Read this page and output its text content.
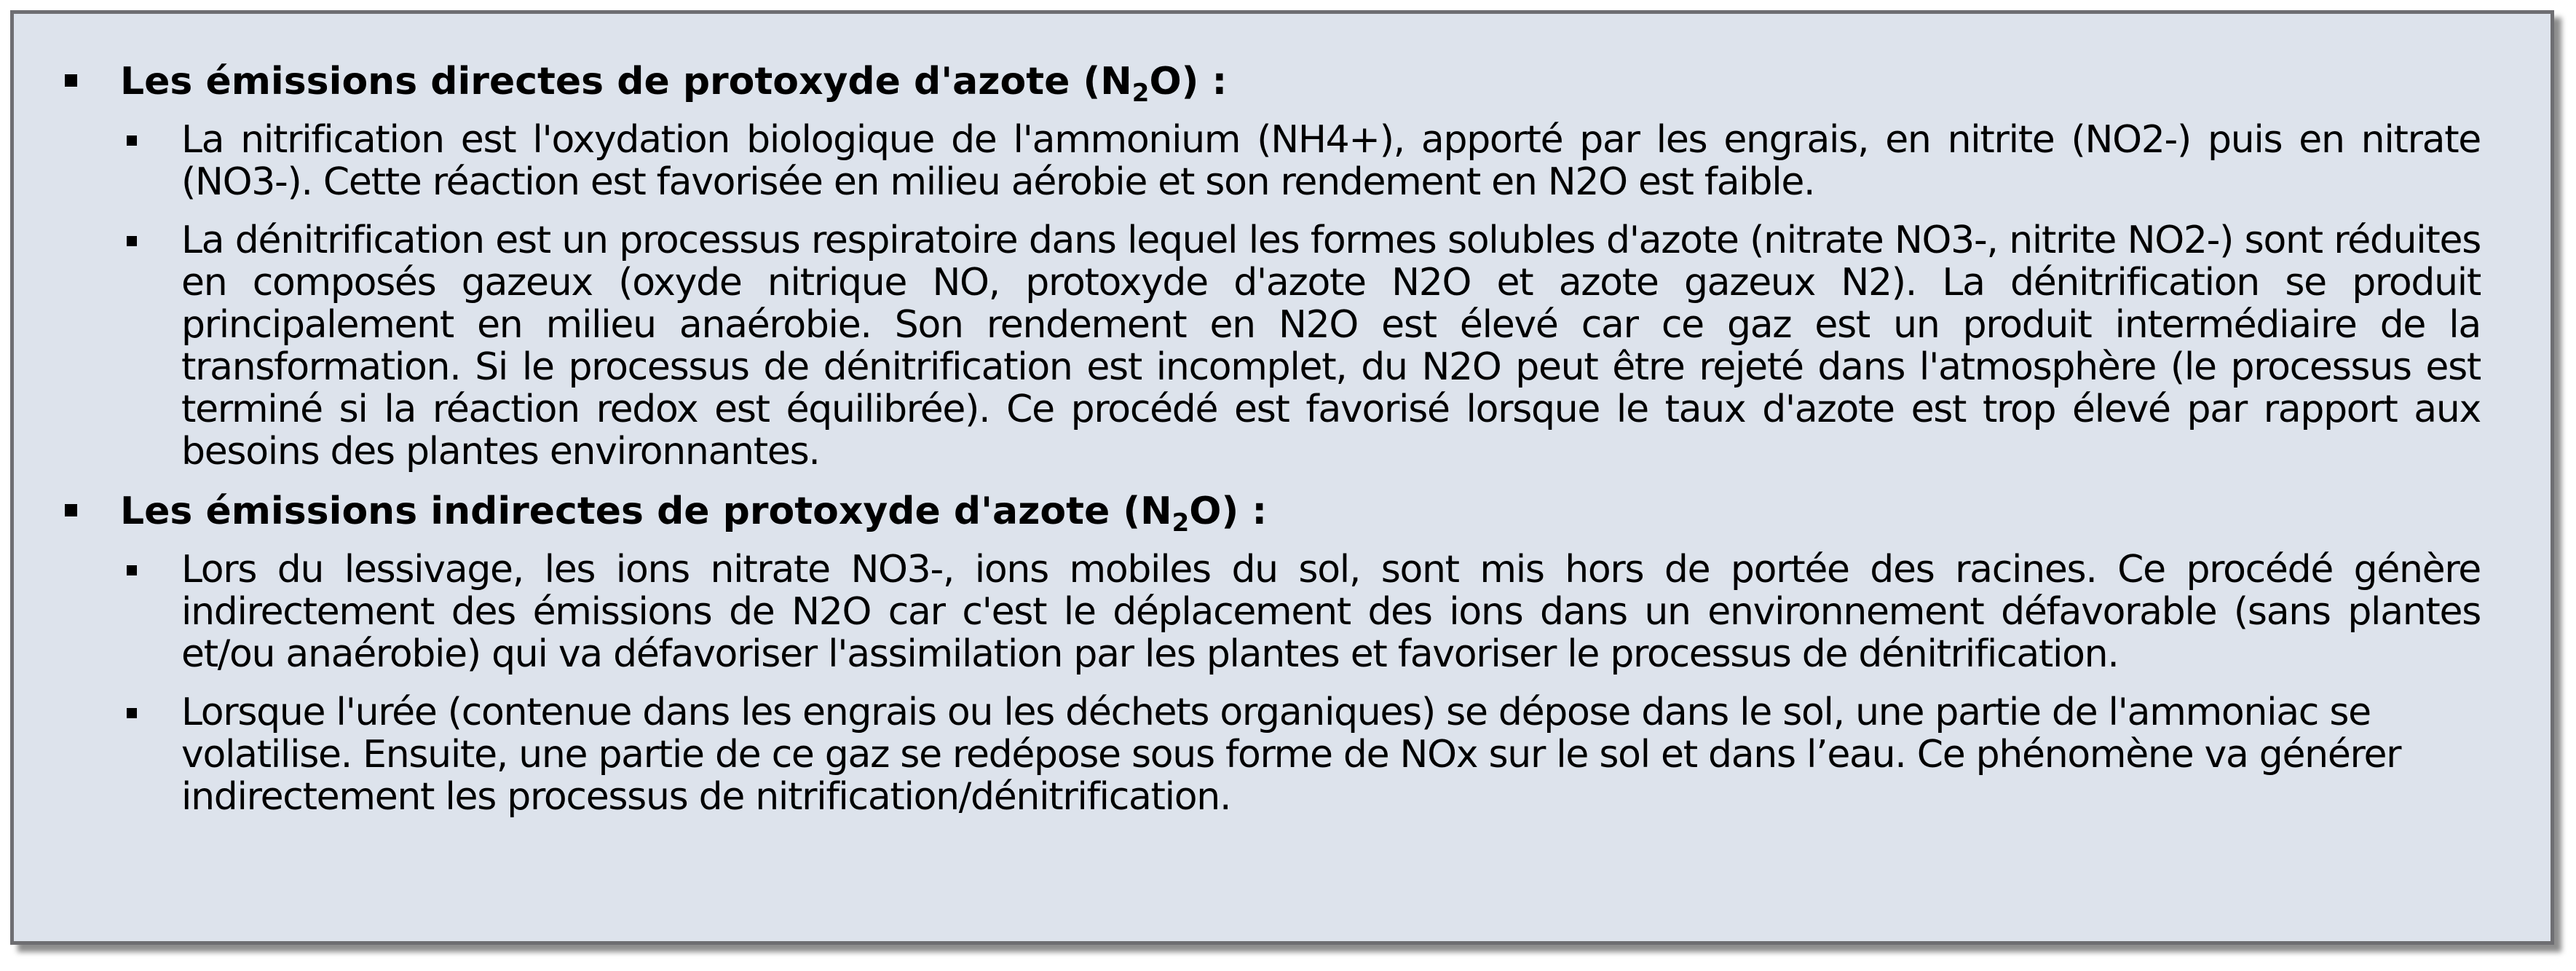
Les émissions directes de protoxyde d'azote $(N_2O)$ :
La nitrification est l'oxydation biologique de l'ammonium (NH4+), apporté par les engrais, en nitrite (NO2-) puis en nitrate (NO3-). Cette réaction est favorisée en milieu aérobie et son rendement en N2O est faible.
La dénitrification est un processus respiratoire dans lequel les formes solubles d'azote (nitrate NO3-, nitrite NO2-) sont réduites en composés gazeux (oxyde nitrique NO, protoxyde d'azote N2O et azote gazeux N2). La dénitrification se produit principalement en milieu anaérobie. Son rendement en N2O est élevé car ce gaz est un produit intermédiaire de la transformation. Si le processus de dénitrification est incomplet, du N2O peut être rejeté dans l'atmosphère (le processus est terminé si la réaction redox est équilibrée). Ce procédé est favorisé lorsque le taux d'azote est trop élevé par rapport aux besoins des plantes environnantes.
Les émissions indirectes de protoxyde d'azote $(N_2O)$ :
Lors du lessivage, les ions nitrate NO3-, ions mobiles du sol, sont mis hors de portée des racines. Ce procédé génère indirectement des émissions de N2O car c'est le déplacement des ions dans un environnement défavorable (sans plantes et/ou anaérobie) qui va défavoriser l'assimilation par les plantes et favoriser le processus de dénitrification.
Lorsque l'urée (contenue dans les engrais ou les déchets organiques) se dépose dans le sol, une partie de l'ammoniac se volatilise. Ensuite, une partie de ce gaz se redépose sous forme de NOx sur le sol et dans l’eau. Ce phénomène va générer indirectement les processus de nitrification/dénitrification.
